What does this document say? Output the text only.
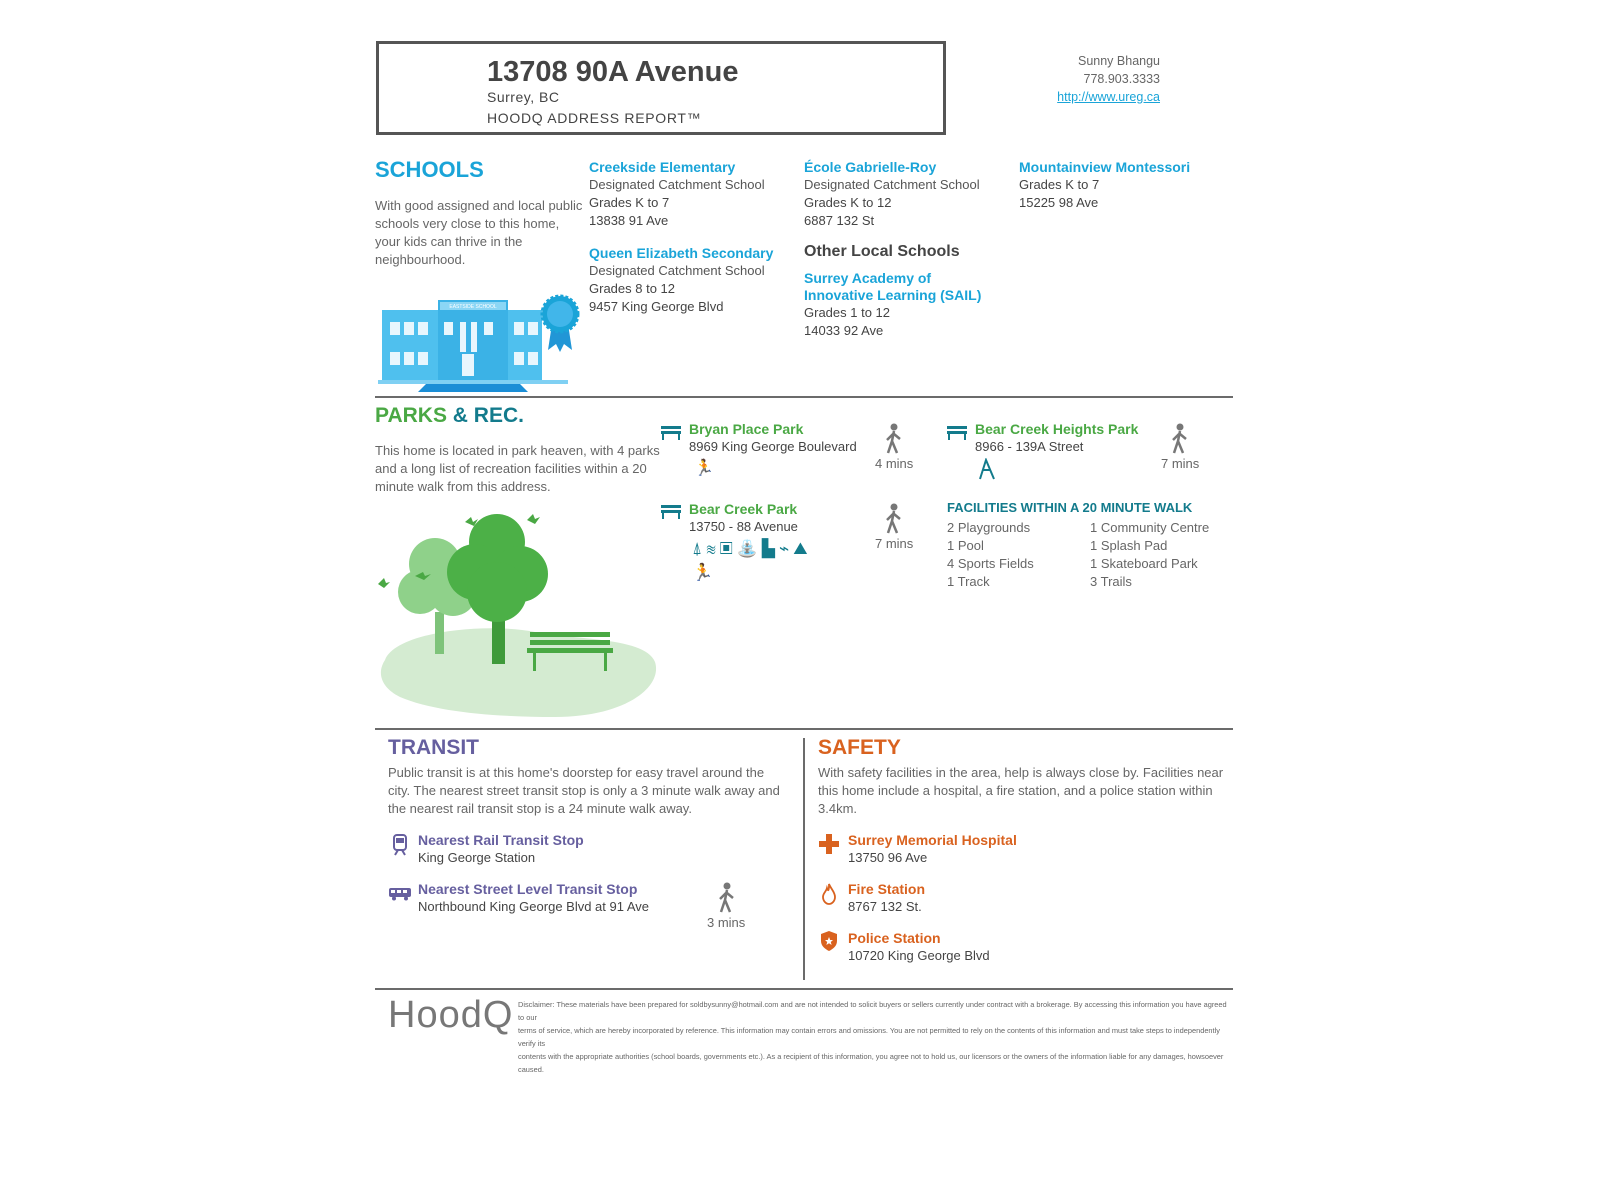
13708 90A Avenue
Surrey, BC
HOODQ ADDRESS REPORT™
Sunny Bhangu
778.903.3333
http://www.ureg.ca
SCHOOLS
With good assigned and local public schools very close to this home, your kids can thrive in the neighbourhood.
EASTSIDE SCHOOL
Creekside Elementary
Designated Catchment School
Grades K to 7
13838 91 Ave
Queen Elizabeth Secondary
Designated Catchment School
Grades 8 to 12
9457 King George Blvd
École Gabrielle-Roy
Designated Catchment School
Grades K to 12
6887 132 St
Other Local Schools
Surrey Academy of
Innovative Learning (SAIL)
Grades 1 to 12
14033 92 Ave
Mountainview Montessori
Grades K to 7
15225 98 Ave
PARKS & REC.
This home is located in park heaven, with 4 parks and a long list of recreation facilities within a 20 minute walk from this address.
Bryan Place Park
8969 King George Boulevard
🏃	4 mins
Bear Creek Heights Park
8966 - 139A Street
7 mins
Bear Creek Park
13750 - 88 Avenue
⍋≋▣⛲▙⌁⛰
🏃
7 mins
FACILITIES WITHIN A 20 MINUTE WALK
2 Playgrounds
1 Pool
4 Sports Fields
1 Track
1 Community Centre
1 Splash Pad
1 Skateboard Park
3 Trails
TRANSIT
Public transit is at this home's doorstep for easy travel around the city. The nearest street transit stop is only a 3 minute walk away and the nearest rail transit stop is a 24 minute walk away.
Nearest Rail Transit Stop
King George Station
Nearest Street Level Transit Stop
Northbound King George Blvd at 91 Ave
3 mins
SAFETY
With safety facilities in the area, help is always close by. Facilities near this home include a hospital, a fire station, and a police station within 3.4km.
Surrey Memorial Hospital
13750 96 Ave
Fire Station
8767 132 St.
Police Station
10720 King George Blvd
HoodQ Disclaimer: These materials have been prepared for soldbysunny@hotmail.com and are not intended to solicit buyers or sellers currently under contract with a brokerage. By accessing this information you have agreed to our
terms of service, which are hereby incorporated by reference. This information may contain errors and omissions. You are not permitted to rely on the contents of this information and must take steps to independently verify its
contents with the appropriate authorities (school boards, governments etc.). As a recipient of this information, you agree not to hold us, our licensors or the owners of the information liable for any damages, howsoever caused.
